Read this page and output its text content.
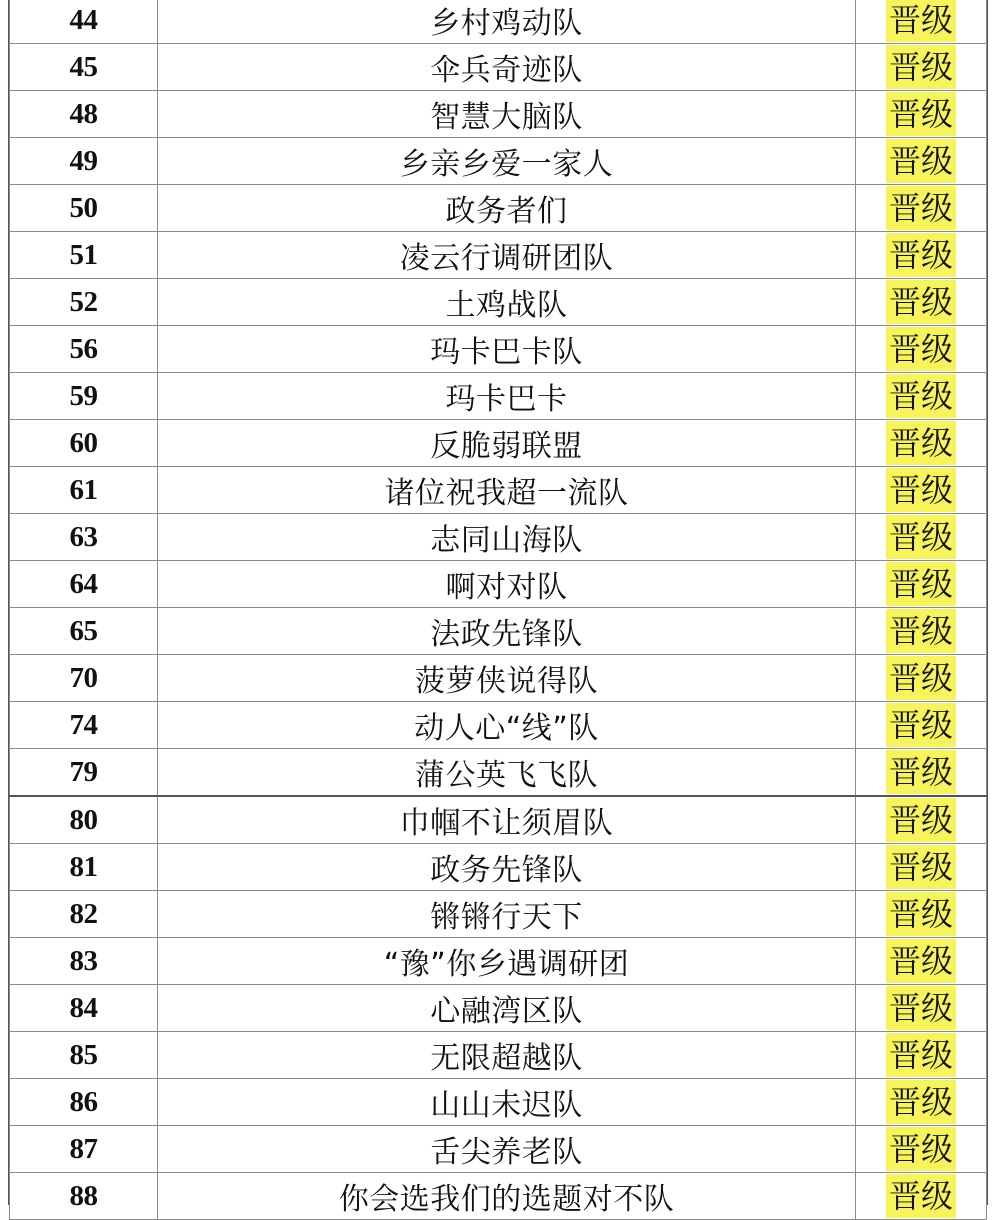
44	乡村鸡动队	晋级
45	伞兵奇迹队	晋级
48	智慧大脑队	晋级
49	乡亲乡爱一家人	晋级
50	政务者们	晋级
51	凌云行调研团队	晋级
52	土鸡战队	晋级
56	玛卡巴卡队	晋级
59	玛卡巴卡	晋级
60	反脆弱联盟	晋级
61	诸位祝我超一流队	晋级
63	志同山海队	晋级
64	啊对对队	晋级
65	法政先锋队	晋级
70	菠萝侠说得队	晋级
74	动人心“线”队	晋级
79	蒲公英飞飞队	晋级
80	巾帼不让须眉队	晋级
81	政务先锋队	晋级
82	锵锵行天下	晋级
83	“豫”你乡遇调研团	晋级
84	心融湾区队	晋级
85	无限超越队	晋级
86	山山未迟队	晋级
87	舌尖养老队	晋级
88	你会选我们的选题对不队	晋级
